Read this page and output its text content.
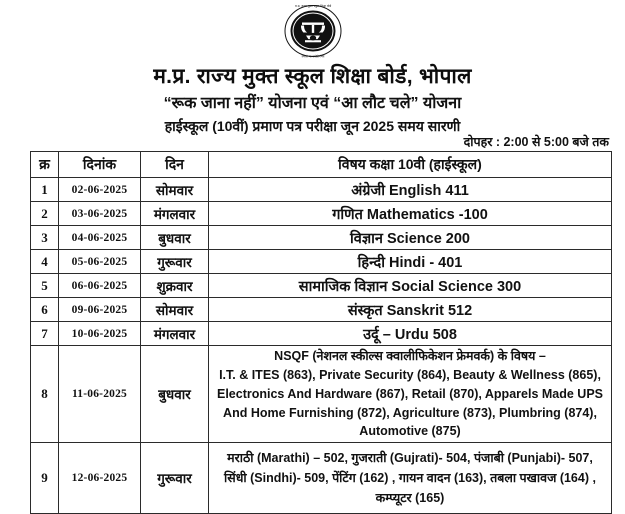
म.प्र. राज्य मुक्त स्कूल शिक्षा बोर्ड
तमसो मा ज्योतिर्गमय
म.प्र. राज्य मुक्त स्कूल शिक्षा बोर्ड, भोपाल
“रूक जाना नहीं” योजना एवं “आ लौट चले” योजना
हाईस्कूल (10वीं) प्रमाण पत्र परीक्षा जून 2025 समय सारणी
दोपहर : 2:00 से 5:00 बजे तक
क्र	दिनांक	दिन	विषय कक्षा 10वी (हाईस्कूल)
1	02-06-2025	सोमवार	अंग्रेजी English 411
2	03-06-2025	मंगलवार	गणित Mathematics -100
3	04-06-2025	बुधवार	विज्ञान Science 200
4	05-06-2025	गुरूवार	हिन्दी Hindi - 401
5	06-06-2025	शुक्रवार	सामाजिक विज्ञान Social Science 300
6	09-06-2025	सोमवार	संस्कृत Sanskrit 512
7	10-06-2025	मंगलवार	उर्दू – Urdu 508
8	11-06-2025	बुधवार	NSQF (नेशनल स्कील्स क्वालीफिकेशन फ्रेमवर्क) के विषय –
I.T. & ITES (863), Private Security (864), Beauty & Wellness (865),
Electronics And Hardware (867), Retail (870), Apparels Made UPS
And Home Furnishing (872), Agriculture (873), Plumbring (874),
Automotive (875)

9	12-06-2025	गुरूवार	मराठी (Marathi) – 502, गुजराती (Gujrati)- 504, पंजाबी (Punjabi)- 507,
सिंधी (Sindhi)- 509, पेंटिंग (162) , गायन वादन (163), तबला पखावज (164) ,
कम्प्यूटर (165)
